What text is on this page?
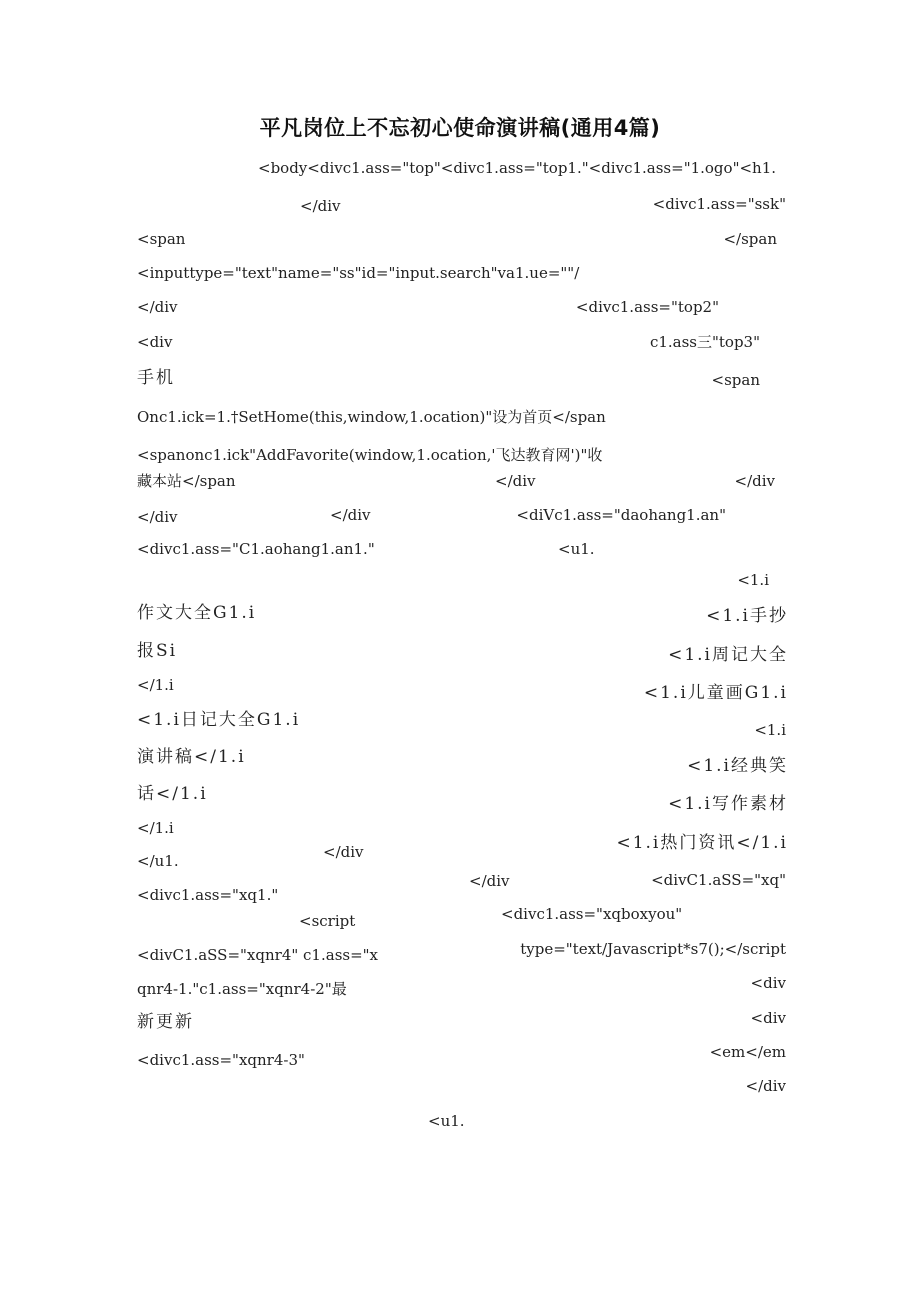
平凡岗位上不忘初心使命演讲稿(通用4篇)
<body<divc1.ass="top"<divc1.ass="top1."<divc1.ass="1.ogo"<h1.
</div	<divc1.ass="ssk"
<span	</span
<inputtype="text"name="ss"id="input.search"va1.ue=""/
</div	<divc1.ass="top2"
<div	c1.ass三"top3"
手机	<span
Onc1.ick=1.†SetHome(this,window,1.ocation)"设为首页</span
<spanonc1.ick"AddFavorite(window,1.ocation,'飞达教育网')"收
藏本站</span	</div	</div
</div	</div	<diVc1.ass="daohang1.an"
<divc1.ass="C1.aohang1.an1."	<u1.
<1.i
作文大全G1.i	<1.i手抄
报Si	<1.i周记大全
</1.i	<1.i儿童画G1.i
<1.i日记大全G1.i	<1.i
演讲稿</1.i	<1.i经典笑
话</1.i	<1.i写作素材
</1.i
<1.i热门资讯</1.i
</u1.	</div
<divc1.ass="xq1."
</div	<divC1.aSS="xq"
<divc1.ass="xqboxyou"
<script
<divC1.aSS="xqnr4" c1.ass="x	type="text/Javascript*s7();</script
qnr4-1."c1.ass="xqnr4-2"最	<div
新更新	<div
<divc1.ass="xqnr4-3"	<em</em
</div
<u1.
